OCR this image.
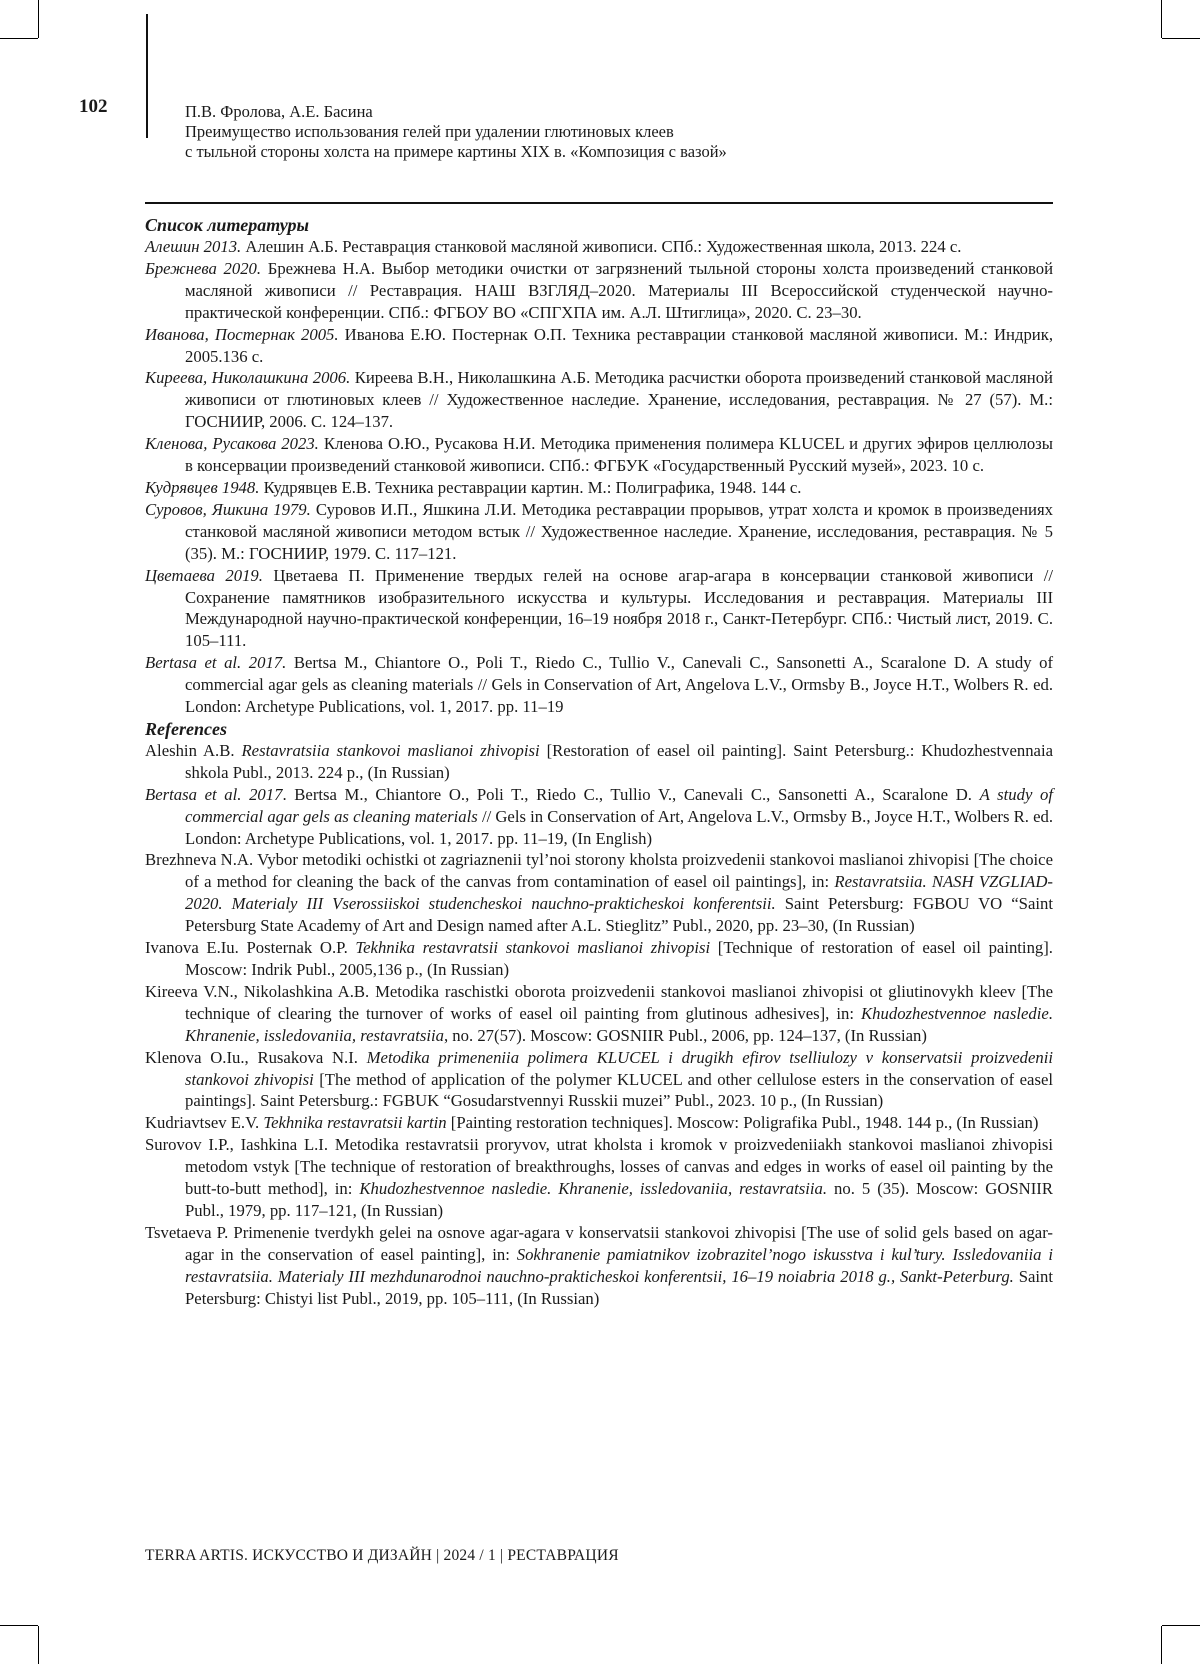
102	П.В. Фролова, А.Е. Басина
Преимущество использования гелей при удалении глютиновых клеев
с тыльной стороны холста на примере картины XIX в. «Композиция с вазой»
Список литературы
Алешин 2013. Алешин А.Б. Реставрация станковой масляной живописи. СПб.: Художественная школа, 2013. 224 с.
Брежнева 2020. Брежнева Н.А. Выбор методики очистки от загрязнений тыльной стороны холста произведений станковой масляной живописи // Реставрация. НАШ ВЗГЛЯД–2020. Материалы III Всероссийской студенческой научно-практической конференции. СПб.: ФГБОУ ВО «СПГХПА им. А.Л. Штиглица», 2020. С. 23–30.
Иванова, Постернак 2005. Иванова Е.Ю. Постернак О.П. Техника реставрации станковой масляной живописи. М.: Индрик, 2005.136 с.
Киреева, Николашкина 2006. Киреева В.Н., Николашкина А.Б. Методика расчистки оборота произведений станковой масляной живописи от глютиновых клеев // Художественное наследие. Хранение, исследования, реставрация. № 27 (57). М.: ГОСНИИР, 2006. С. 124–137.
Кленова, Русакова 2023. Кленова О.Ю., Русакова Н.И. Методика применения полимера KLUCEL и других эфиров целлюлозы в консервации произведений станковой живописи. СПб.: ФГБУК «Государственный Русский музей», 2023. 10 с.
Кудрявцев 1948. Кудрявцев Е.В. Техника реставрации картин. М.: Полиграфика, 1948. 144 с.
Суровов, Яшкина 1979. Суровов И.П., Яшкина Л.И. Методика реставрации прорывов, утрат холста и кромок в произведениях станковой масляной живописи методом встык // Художественное наследие. Хранение, исследования, реставрация. № 5 (35). М.: ГОСНИИР, 1979. С. 117–121.
Цветаева 2019. Цветаева П. Применение твердых гелей на основе агар-агара в консервации станковой живописи // Сохранение памятников изобразительного искусства и культуры. Исследования и реставрация. Материалы III Международной научно-практической конференции, 16–19 ноября 2018 г., Санкт-Петербург. СПб.: Чистый лист, 2019. С. 105–111.
Bertasa et al. 2017. Bertsa M., Chiantore O., Poli T., Riedo C., Tullio V., Canevali C., Sansonetti A., Scaralone D. A study of commercial agar gels as cleaning materials // Gels in Conservation of Art, Angelova L.V., Ormsby B., Joyce H.T., Wolbers R. ed. London: Archetype Publications, vol. 1, 2017. pp. 11–19
References
Aleshin A.B. Restavratsiia stankovoi maslianoi zhivopisi [Restoration of easel oil painting]. Saint Petersburg.: Khudozhestvennaia shkola Publ., 2013. 224 p., (In Russian)
Bertasa et al. 2017. Bertsa M., Chiantore O., Poli T., Riedo C., Tullio V., Canevali C., Sansonetti A., Scaralone D. A study of commercial agar gels as cleaning materials // Gels in Conservation of Art, Angelova L.V., Ormsby B., Joyce H.T., Wolbers R. ed. London: Archetype Publications, vol. 1, 2017. pp. 11–19, (In English)
Brezhneva N.A. Vybor metodiki ochistki ot zagriaznenii tyl’noi storony kholsta proizvedenii stankovoi maslianoi zhivopisi [The choice of a method for cleaning the back of the canvas from contamination of easel oil paintings], in: Restavratsiia. NASH VZGLIAD-2020. Materialy III Vserossiiskoi studencheskoi nauchno-prakticheskoi konferentsii. Saint Petersburg: FGBOU VO “Saint Petersburg State Academy of Art and Design named after A.L. Stieglitz” Publ., 2020, pp. 23–30, (In Russian)
Ivanova E.Iu. Posternak O.P. Tekhnika restavratsii stankovoi maslianoi zhivopisi [Technique of restoration of easel oil painting]. Moscow: Indrik Publ., 2005,136 p., (In Russian)
Kireeva V.N., Nikolashkina A.B. Metodika raschistki oborota proizvedenii stankovoi maslianoi zhivopisi ot gliutinovykh kleev [The technique of clearing the turnover of works of easel oil painting from glutinous adhesives], in: Khudozhestvennoe nasledie. Khranenie, issledovaniia, restavratsiia, no. 27(57). Moscow: GOSNIIR Publ., 2006, pp. 124–137, (In Russian)
Klenova O.Iu., Rusakova N.I. Metodika primeneniia polimera KLUCEL i drugikh efirov tselliulozy v konservatsii proizvedenii stankovoi zhivopisi [The method of application of the polymer KLUCEL and other cellulose esters in the conservation of easel paintings]. Saint Petersburg.: FGBUK “Gosudarstvennyi Russkii muzei” Publ., 2023. 10 p., (In Russian)
Kudriavtsev E.V. Tekhnika restavratsii kartin [Painting restoration techniques]. Moscow: Poligrafika Publ., 1948. 144 p., (In Russian)
Surovov I.P., Iashkina L.I. Metodika restavratsii proryvov, utrat kholsta i kromok v proizvedeniiakh stankovoi maslianoi zhivopisi metodom vstyk [The technique of restoration of breakthroughs, losses of canvas and edges in works of easel oil painting by the butt-to-butt method], in: Khudozhestvennoe nasledie. Khranenie, issledovaniia, restavratsiia. no. 5 (35). Moscow: GOSNIIR Publ., 1979, pp. 117–121, (In Russian)
Tsvetaeva P. Primenenie tverdykh gelei na osnove agar-agara v konservatsii stankovoi zhivopisi [The use of solid gels based on agar-agar in the conservation of easel painting], in: Sokhranenie pamiatnikov izobrazitel’nogo iskusstva i kul’tury. Issledovaniia i restavratsiia. Materialy III mezhdunarodnoi nauchno-prakticheskoi konferentsii, 16–19 noiabria 2018 g., Sankt-Peterburg. Saint Petersburg: Chistyi list Publ., 2019, pp. 105–111, (In Russian)
TERRA ARTIS. ИСКУССТВО И ДИЗАЙН | 2024 / 1 | РЕСТАВРАЦИЯ
